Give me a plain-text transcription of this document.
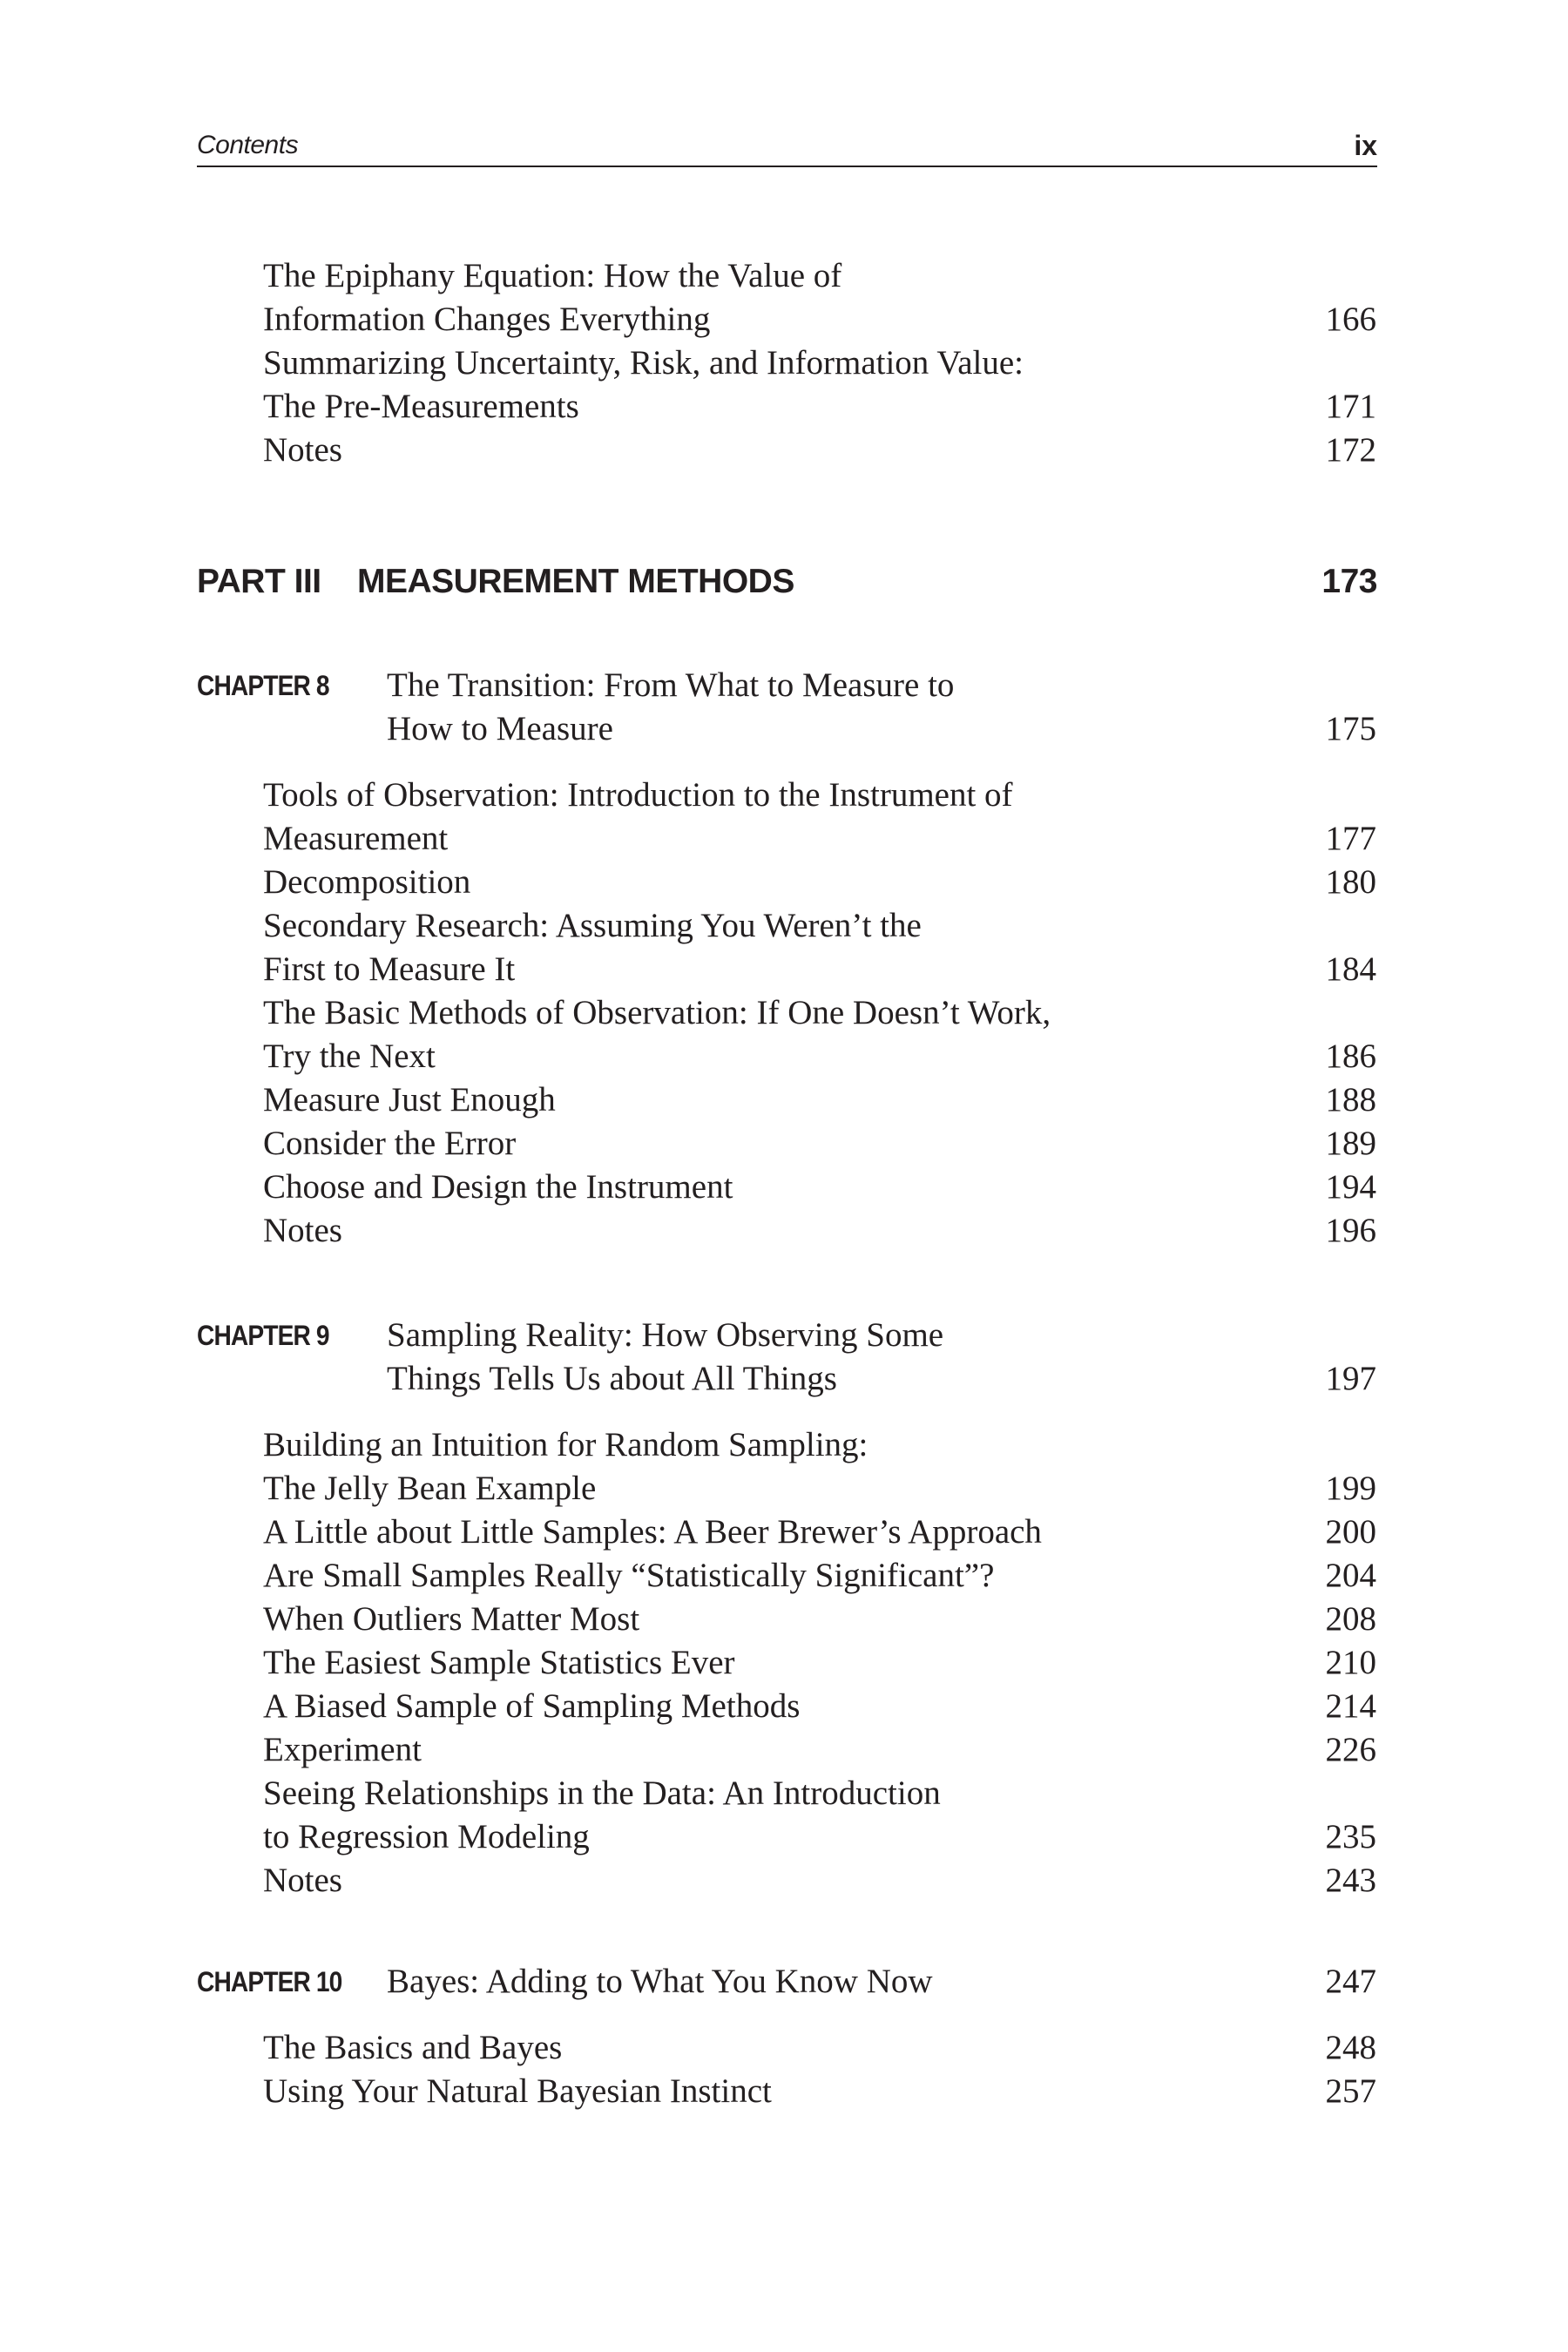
Contents	ix
The Epiphany Equation: How the Value of
Information Changes Everything	166
Summarizing Uncertainty, Risk, and Information Value:
The Pre-Measurements	171
Notes	172
PART III MEASUREMENT METHODS	173
CHAPTER 8 The Transition: From What to Measure to
How to Measure	175
Tools of Observation: Introduction to the Instrument of
Measurement	177
Decomposition	180
Secondary Research: Assuming You Weren’t the
First to Measure It	184
The Basic Methods of Observation: If One Doesn’t Work,
Try the Next	186
Measure Just Enough	188
Consider the Error	189
Choose and Design the Instrument	194
Notes	196
CHAPTER 9 Sampling Reality: How Observing Some
Things Tells Us about All Things	197
Building an Intuition for Random Sampling:
The Jelly Bean Example	199
A Little about Little Samples: A Beer Brewer’s Approach	200
Are Small Samples Really “Statistically Significant”?	204
When Outliers Matter Most	208
The Easiest Sample Statistics Ever	210
A Biased Sample of Sampling Methods	214
Experiment	226
Seeing Relationships in the Data: An Introduction
to Regression Modeling	235
Notes	243
CHAPTER 10 Bayes: Adding to What You Know Now	247
The Basics and Bayes	248
Using Your Natural Bayesian Instinct	257
